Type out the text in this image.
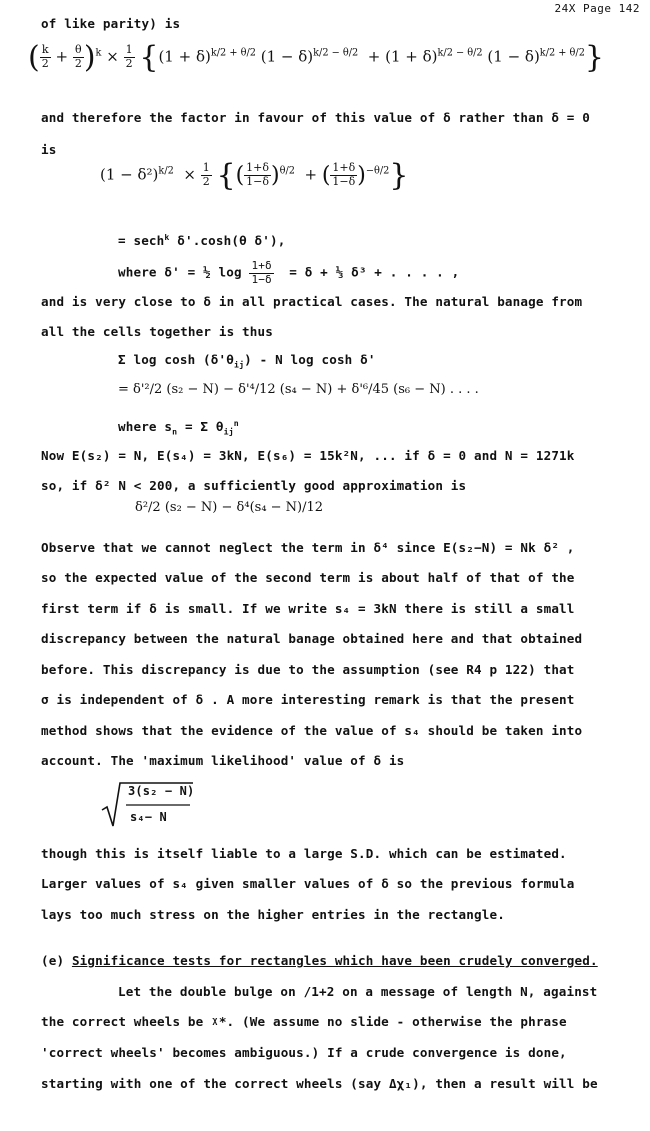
24X Page 142
of like parity) is
( $\frac{k}{2} + \frac{\theta}{2} )^k \times \frac{1}{2} \{(1 + \delta)^{k/2 + \theta/2}$ $(1 - \delta)^{k/2 - \theta/2} + (1 + \delta)^{k/2 - \theta/2}$ $(1 - \delta)^{k/2 + \theta/2}$}
and therefore the factor in favour of this value of δ rather than δ = 0
is
$(1 - \delta^2)^{k/2} \times \frac{1}{2}$ {( $\frac{1+\delta}{1-\delta} )^{\theta/2}$  + ( $\frac{1+\delta}{1-\delta} )^{-\theta/2}$}
= sech$^k$ δ'.cosh(θ δ'),
where δ' = ½ $\log \frac{1+\delta}{1-\delta} = \delta$ + ⅓ δ³ + . . . . ,
and is very close to δ in all practical cases. The natural banage from
all the cells together is thus
Σ $\log \cosh (\delta'\theta_{ij})$ - N log cosh δ'
= δ'²/2 (s₂ − N) − δ'⁴/12 (s₄ − N) + δ'⁶/45 (s₆ − N) . . . .
where $s_n = \Sigma$ $\theta_{ij}^n$
Now E(s₂) = N, E(s₄) = 3kN, E(s₆) = 15k²N, ... if δ = 0 and N = 1271k
so, if δ² N < 200, a sufficiently good approximation is
δ²/2 (s₂ − N) − δ⁴(s₄ − N)/12
Observe that we cannot neglect the term in δ⁴ since E(s₂−N) = Nk δ² ,
so the expected value of the second term is about half of that of the
first term if δ is small. If we write s₄ = 3kN there is still a small
discrepancy between the natural banage obtained here and that obtained
before. This discrepancy is due to the assumption (see R4 p 122) that
σ is independent of δ . A more interesting remark is that the present
method shows that the evidence of the value of s₄ should be taken into
account. The 'maximum likelihood' value of δ is
3(s₂ − N)
s₄− N
though this is itself liable to a large S.D. which can be estimated.
Larger values of s₄ given smaller values of δ so the previous formula
lays too much stress on the higher entries in the rectangle.
(e) Significance tests for rectangles which have been crudely converged.
Let the double bulge on /1+2 on a message of length N, against
the correct wheels be ᵡ*. (We assume no slide - otherwise the phrase
'correct wheels' becomes ambiguous.) If a crude convergence is done,
starting with one of the correct wheels (say Δχ₁), then a result will be
